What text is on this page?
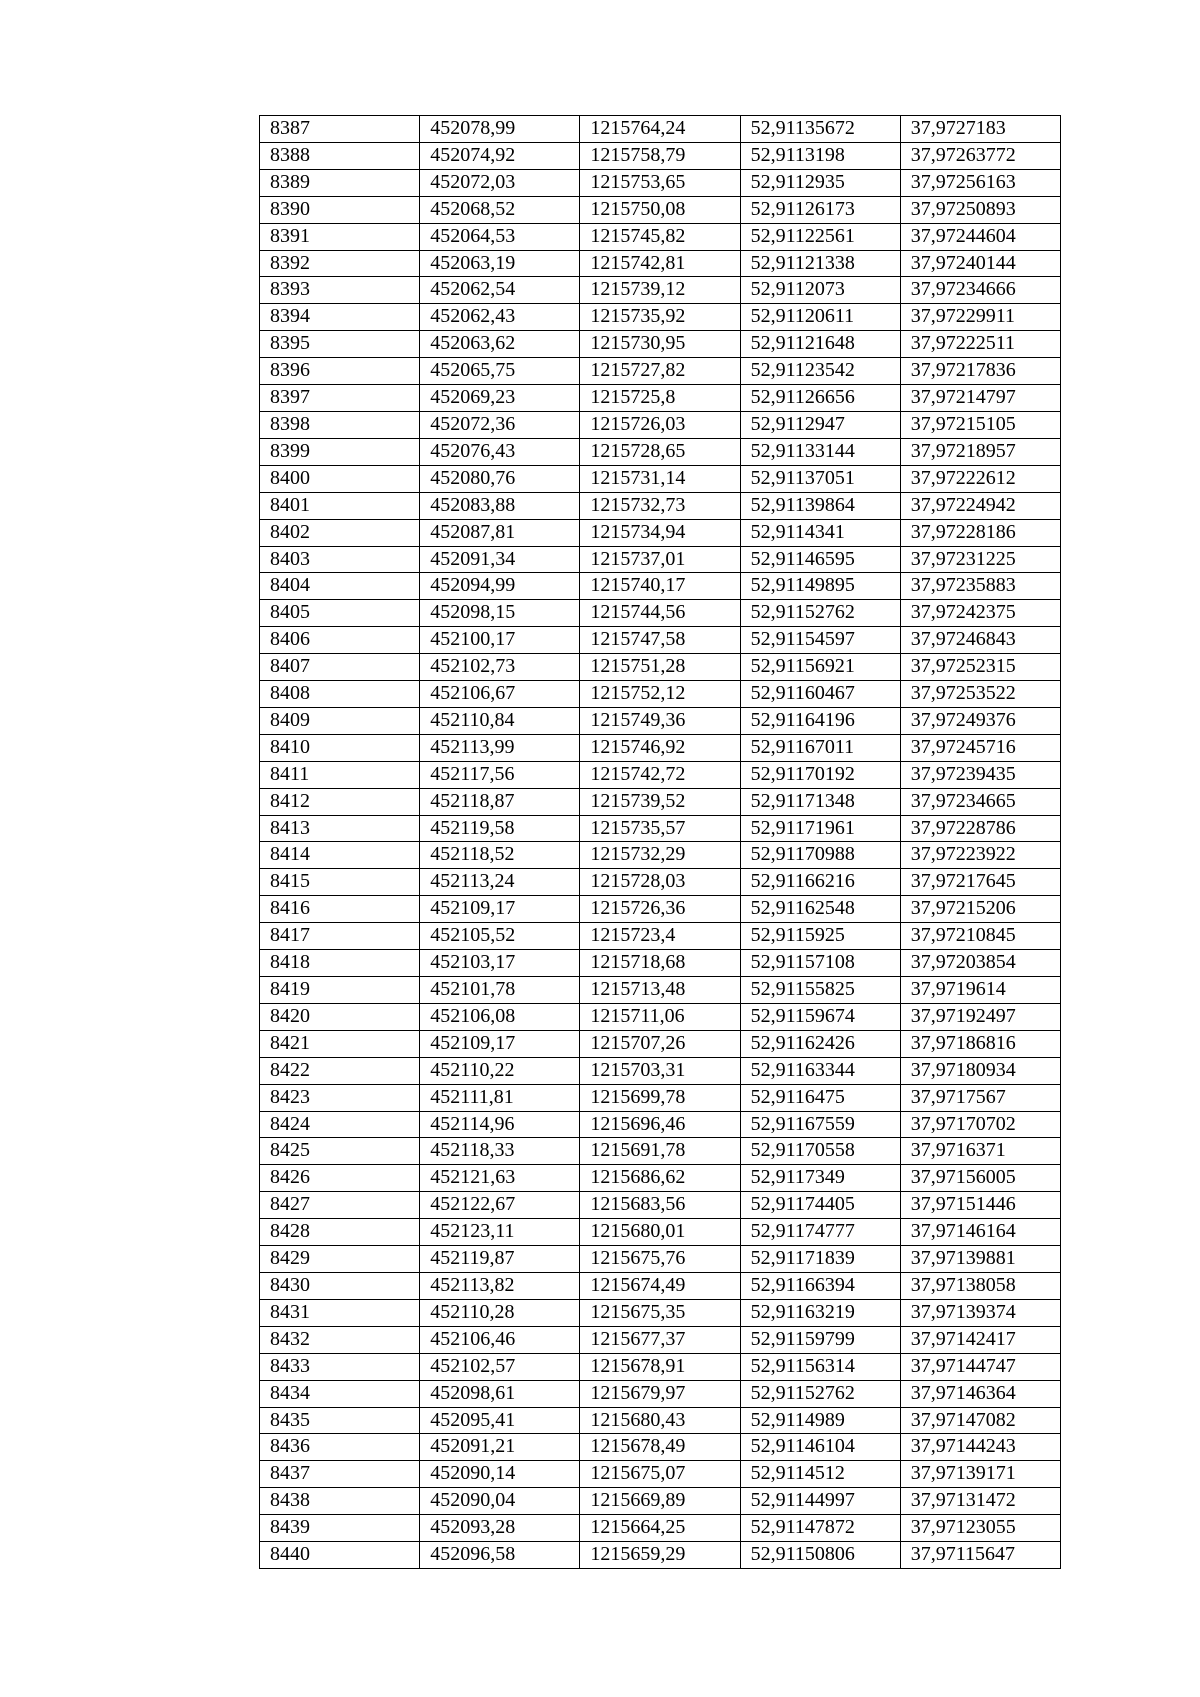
8387	452078,99	1215764,24	52,91135672	37,9727183
8388	452074,92	1215758,79	52,9113198	37,97263772
8389	452072,03	1215753,65	52,9112935	37,97256163
8390	452068,52	1215750,08	52,91126173	37,97250893
8391	452064,53	1215745,82	52,91122561	37,97244604
8392	452063,19	1215742,81	52,91121338	37,97240144
8393	452062,54	1215739,12	52,9112073	37,97234666
8394	452062,43	1215735,92	52,91120611	37,97229911
8395	452063,62	1215730,95	52,91121648	37,97222511
8396	452065,75	1215727,82	52,91123542	37,97217836
8397	452069,23	1215725,8	52,91126656	37,97214797
8398	452072,36	1215726,03	52,9112947	37,97215105
8399	452076,43	1215728,65	52,91133144	37,97218957
8400	452080,76	1215731,14	52,91137051	37,97222612
8401	452083,88	1215732,73	52,91139864	37,97224942
8402	452087,81	1215734,94	52,9114341	37,97228186
8403	452091,34	1215737,01	52,91146595	37,97231225
8404	452094,99	1215740,17	52,91149895	37,97235883
8405	452098,15	1215744,56	52,91152762	37,97242375
8406	452100,17	1215747,58	52,91154597	37,97246843
8407	452102,73	1215751,28	52,91156921	37,97252315
8408	452106,67	1215752,12	52,91160467	37,97253522
8409	452110,84	1215749,36	52,91164196	37,97249376
8410	452113,99	1215746,92	52,91167011	37,97245716
8411	452117,56	1215742,72	52,91170192	37,97239435
8412	452118,87	1215739,52	52,91171348	37,97234665
8413	452119,58	1215735,57	52,91171961	37,97228786
8414	452118,52	1215732,29	52,91170988	37,97223922
8415	452113,24	1215728,03	52,91166216	37,97217645
8416	452109,17	1215726,36	52,91162548	37,97215206
8417	452105,52	1215723,4	52,9115925	37,97210845
8418	452103,17	1215718,68	52,91157108	37,97203854
8419	452101,78	1215713,48	52,91155825	37,9719614
8420	452106,08	1215711,06	52,91159674	37,97192497
8421	452109,17	1215707,26	52,91162426	37,97186816
8422	452110,22	1215703,31	52,91163344	37,97180934
8423	452111,81	1215699,78	52,9116475	37,9717567
8424	452114,96	1215696,46	52,91167559	37,97170702
8425	452118,33	1215691,78	52,91170558	37,9716371
8426	452121,63	1215686,62	52,9117349	37,97156005
8427	452122,67	1215683,56	52,91174405	37,97151446
8428	452123,11	1215680,01	52,91174777	37,97146164
8429	452119,87	1215675,76	52,91171839	37,97139881
8430	452113,82	1215674,49	52,91166394	37,97138058
8431	452110,28	1215675,35	52,91163219	37,97139374
8432	452106,46	1215677,37	52,91159799	37,97142417
8433	452102,57	1215678,91	52,91156314	37,97144747
8434	452098,61	1215679,97	52,91152762	37,97146364
8435	452095,41	1215680,43	52,9114989	37,97147082
8436	452091,21	1215678,49	52,91146104	37,97144243
8437	452090,14	1215675,07	52,9114512	37,97139171
8438	452090,04	1215669,89	52,91144997	37,97131472
8439	452093,28	1215664,25	52,91147872	37,97123055
8440	452096,58	1215659,29	52,91150806	37,97115647
